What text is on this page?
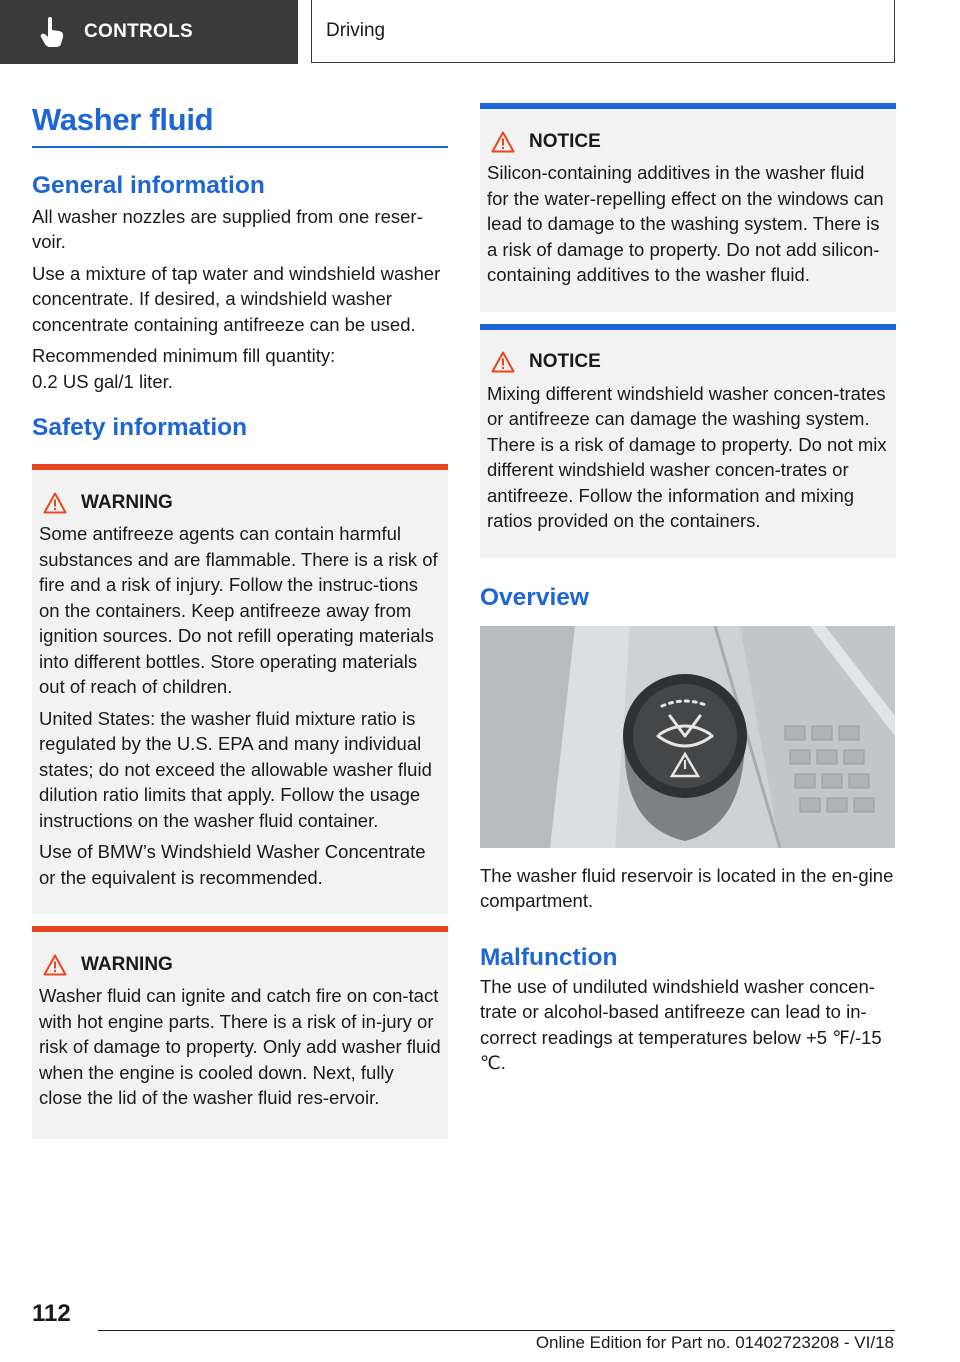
CONTROLS	Driving
Washer fluid
General information

All washer nozzles are supplied from one reser‐voir.

Use a mixture of tap water and windshield washer concentrate. If desired, a windshield washer concentrate containing antifreeze can be used.

Recommended minimum fill quantity:
0.2 US gal/1 liter.

Safety information
WARNING

Some antifreeze agents can contain harmful substances and are flammable. There is a risk of fire and a risk of injury. Follow the instruc‐tions on the containers. Keep antifreeze away from ignition sources. Do not refill operating materials into different bottles. Store operating materials out of reach of children.

United States: the washer fluid mixture ratio is regulated by the U.S. EPA and many individual states; do not exceed the allowable washer fluid dilution ratio limits that apply. Follow the usage instructions on the washer fluid container.

Use of BMW’s Windshield Washer Concentrate or the equivalent is recommended.

WARNING

Washer fluid can ignite and catch fire on con‐tact with hot engine parts. There is a risk of in‐jury or risk of damage to property. Only add washer fluid when the engine is cooled down. Next, fully close the lid of the washer fluid res‐ervoir.

NOTICE

Silicon-containing additives in the washer fluid for the water-repelling effect on the windows can lead to damage to the washing system. There is a risk of damage to property. Do not add silicon-containing additives to the washer fluid.

NOTICE

Mixing different windshield washer concen‐trates or antifreeze can damage the washing system. There is a risk of damage to property. Do not mix different windshield washer concen‐trates or antifreeze. Follow the information and mixing ratios provided on the containers.

Overview

The washer fluid reservoir is located in the en‐gine compartment.

Malfunction

The use of undiluted windshield washer concen‐trate or alcohol-based antifreeze can lead to in‐correct readings at temperatures below +5 ℉/-15 ℃.

112
Online Edition for Part no. 01402723208 - VI/18
